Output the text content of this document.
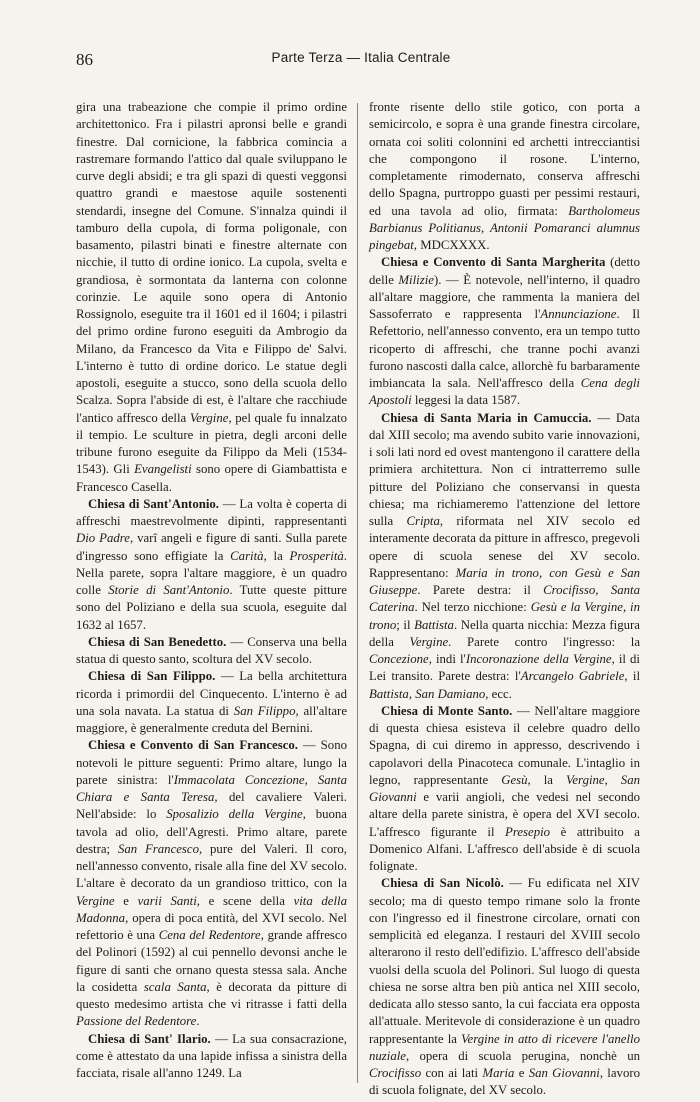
86	Parte Terza — Italia Centrale

gira una trabeazione che compie il primo ordine architettonico. Fra i pilastri apronsi belle e grandi finestre. Dal cornicione, la fabbrica comincia a rastremare formando l'attico dal quale sviluppano le curve degli absidi; e tra gli spazi di questi veggonsi quattro grandi e maestose aquile sostenenti stendardi, insegne del Comune. S'innalza quindi il tamburo della cupola, di forma poligonale, con basamento, pilastri binati e finestre alternate con nicchie, il tutto di ordine ionico. La cupola, svelta e grandiosa, è sormontata da lanterna con colonne corinzie. Le aquile sono opera di Antonio Rossignolo, eseguite tra il 1601 ed il 1604; i pilastri del primo ordine furono eseguiti da Ambrogio da Milano, da Francesco da Vita e Filippo de' Salvi. L'interno è tutto di ordine dorico. Le statue degli apostoli, eseguite a stucco, sono della scuola dello Scalza. Sopra l'abside di est, è l'altare che racchiude l'antico affresco della Vergine, pel quale fu innalzato il tempio. Le sculture in pietra, degli arconi delle tribune furono eseguite da Filippo da Meli (1534-1543). Gli Evangelisti sono opere di Giambattista e Francesco Casella.

Chiesa di Sant'Antonio. — La volta è coperta di affreschi maestrevolmente dipinti, rappresentanti Dio Padre, varî angeli e figure di santi. Sulla parete d'ingresso sono effigiate la Carità, la Prosperità. Nella parete, sopra l'altare maggiore, è un quadro colle Storie di Sant'Antonio. Tutte queste pitture sono del Poliziano e della sua scuola, eseguite dal 1632 al 1657.

Chiesa di San Benedetto. — Conserva una bella statua di questo santo, scoltura del XV secolo.

Chiesa di San Filippo. — La bella architettura ricorda i primordii del Cinquecento. L'interno è ad una sola navata. La statua di San Filippo, all'altare maggiore, è generalmente creduta del Bernini.

Chiesa e Convento di San Francesco. — Sono notevoli le pitture seguenti: Primo altare, lungo la parete sinistra: l'Immacolata Concezione, Santa Chiara e Santa Teresa, del cavaliere Valeri. Nell'abside: lo Sposalizio della Vergine, buona tavola ad olio, dell'Agresti. Primo altare, parete destra; San Francesco, pure del Valeri. Il coro, nell'annesso convento, risale alla fine del XV secolo. L'altare è decorato da un grandioso trittico, con la Vergine e varii Santi, e scene della vita della Madonna, opera di poca entità, del XVI secolo. Nel refettorio è una Cena del Redentore, grande affresco del Polinori (1592) al cui pennello devonsi anche le figure di santi che ornano questa stessa sala. Anche la cosidetta scala Santa, è decorata da pitture di questo medesimo artista che vi ritrasse i fatti della Passione del Redentore.

Chiesa di Sant' Ilario. — La sua consacrazione, come è attestato da una lapide infissa a sinistra della facciata, risale all'anno 1249. La

fronte risente dello stile gotico, con porta a semicircolo, e sopra è una grande finestra circolare, ornata coi soliti colonnini ed archetti intrecciantisi che compongono il rosone. L'interno, completamente rimodernato, conserva affreschi dello Spagna, purtroppo guasti per pessimi restauri, ed una tavola ad olio, firmata: Bartholomeus Barbianus Politianus, Antonii Pomaranci alumnus pingebat, MDCXXXX.

Chiesa e Convento di Santa Margherita (detto delle Milizie). — È notevole, nell'interno, il quadro all'altare maggiore, che rammenta la maniera del Sassoferrato e rappresenta l'Annunciazione. Il Refettorio, nell'annesso convento, era un tempo tutto ricoperto di affreschi, che tranne pochi avanzi furono nascosti dalla calce, allorchè fu barbaramente imbiancata la sala. Nell'affresco della Cena degli Apostoli leggesi la data 1587.

Chiesa di Santa Maria in Camuccia. — Data dal XIII secolo; ma avendo subito varie innovazioni, i soli lati nord ed ovest mantengono il carattere della primiera architettura. Non ci intratterremo sulle pitture del Poliziano che conservansi in questa chiesa; ma richiameremo l'attenzione del lettore sulla Cripta, riformata nel XIV secolo ed interamente decorata da pitture in affresco, pregevoli opere di scuola senese del XV secolo. Rappresentano: Maria in trono, con Gesù e San Giuseppe. Parete destra: il Crocifisso, Santa Caterina. Nel terzo nicchione: Gesù e la Vergine, in trono; il Battista. Nella quarta nicchia: Mezza figura della Vergine. Parete contro l'ingresso: la Concezione, indi l'Incoronazione della Vergine, il di Lei transito. Parete destra: l'Arcangelo Gabriele, il Battista, San Damiano, ecc.

Chiesa di Monte Santo. — Nell'altare maggiore di questa chiesa esisteva il celebre quadro dello Spagna, di cui diremo in appresso, descrivendo i capolavori della Pinacoteca comunale. L'intaglio in legno, rappresentante Gesù, la Vergine, San Giovanni e varii angioli, che vedesi nel secondo altare della parete sinistra, è opera del XVI secolo. L'affresco figurante il Presepio è attribuito a Domenico Alfani. L'affresco dell'abside è di scuola folignate.

Chiesa di San Nicolò. — Fu edificata nel XIV secolo; ma di questo tempo rimane solo la fronte con l'ingresso ed il finestrone circolare, ornati con semplicità ed eleganza. I restauri del XVIII secolo alterarono il resto dell'edifizio. L'affresco dell'abside vuolsi della scuola del Polinori. Sul luogo di questa chiesa ne sorse altra ben più antica nel XIII secolo, dedicata allo stesso santo, la cui facciata era opposta all'attuale. Meritevole di considerazione è un quadro rappresentante la Vergine in atto di ricevere l'anello nuziale, opera di scuola perugina, nonchè un Crocifisso con ai lati Maria e San Giovanni, lavoro di scuola folignate, del XV secolo.
